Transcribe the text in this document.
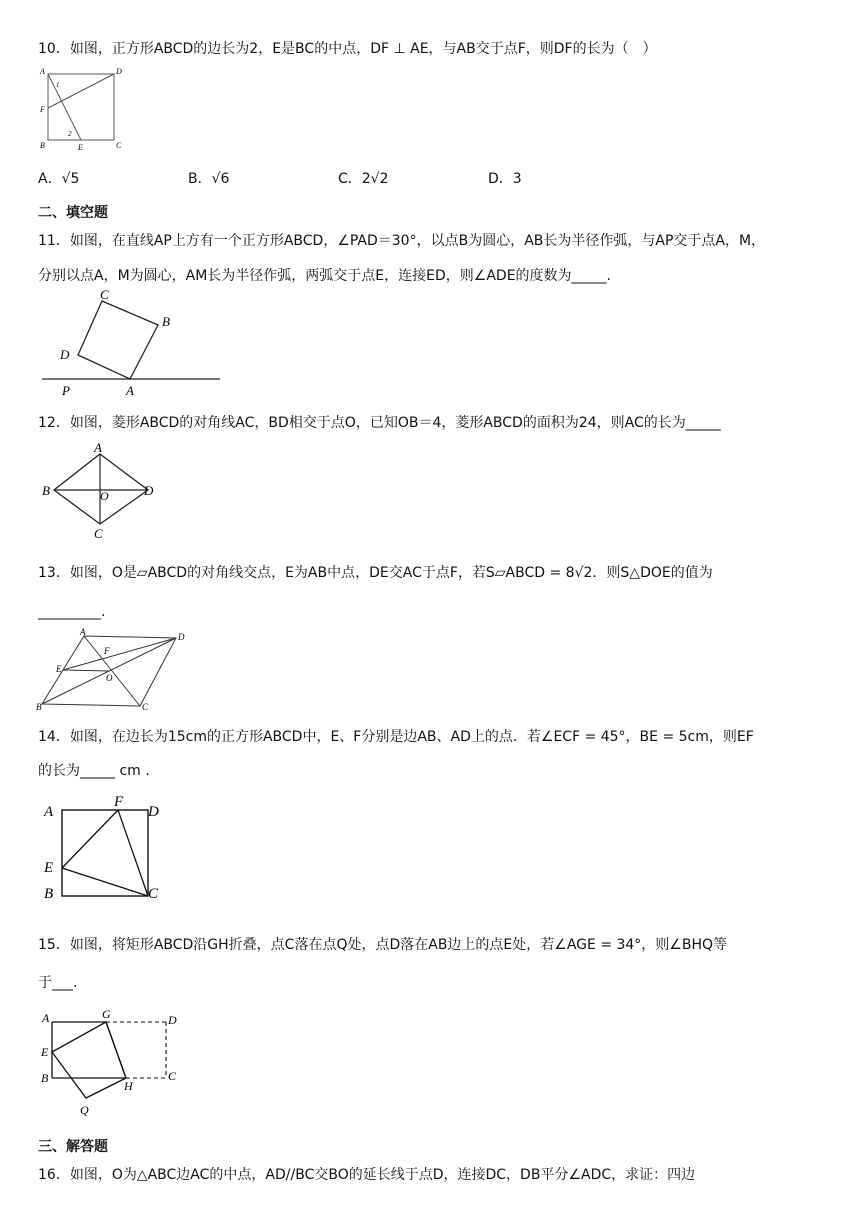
10．如图，正方形ABCD的边长为2，E是BC的中点，DF ⊥ AE，与AB交于点F，则DF的长为（　）
A	D
B	C
E
F
1
2
A．√5	B．√6	C．2√2	D．3
二、填空题
11．如图，在直线AP上方有一个正方形ABCD，∠PAD＝30°，以点B为圆心，AB长为半径作弧，与AP交于点A，M，
分别以点A，M为圆心，AM长为半径作弧，两弧交于点E，连接ED，则∠ADE的度数为_____.
C
B
D
P	A
12．如图，菱形ABCD的对角线AC，BD相交于点O，已知OB＝4，菱形ABCD的面积为24，则AC的长为_____
A
B	D
O
C
13．如图，O是▱ABCD的对角线交点，E为AB中点，DE交AC于点F，若S▱ABCD = 8√2．则S△DOE的值为
_________.
A	D
B	C
E
F
O
14．如图，在边长为15cm的正方形ABCD中，E、F分别是边AB、AD上的点．若∠ECF = 45°，BE = 5cm，则EF
的长为_____ cm .
A
F
D
E
B	C
15．如图，将矩形ABCD沿GH折叠，点C落在点Q处，点D落在AB边上的点E处，若∠AGE = 34°，则∠BHQ等
于___.
A	G	D
E
B	C
H
Q
三、解答题
16．如图，O为△ABC边AC的中点，AD//BC交BO的延长线于点D，连接DC，DB平分∠ADC，求证：四边
